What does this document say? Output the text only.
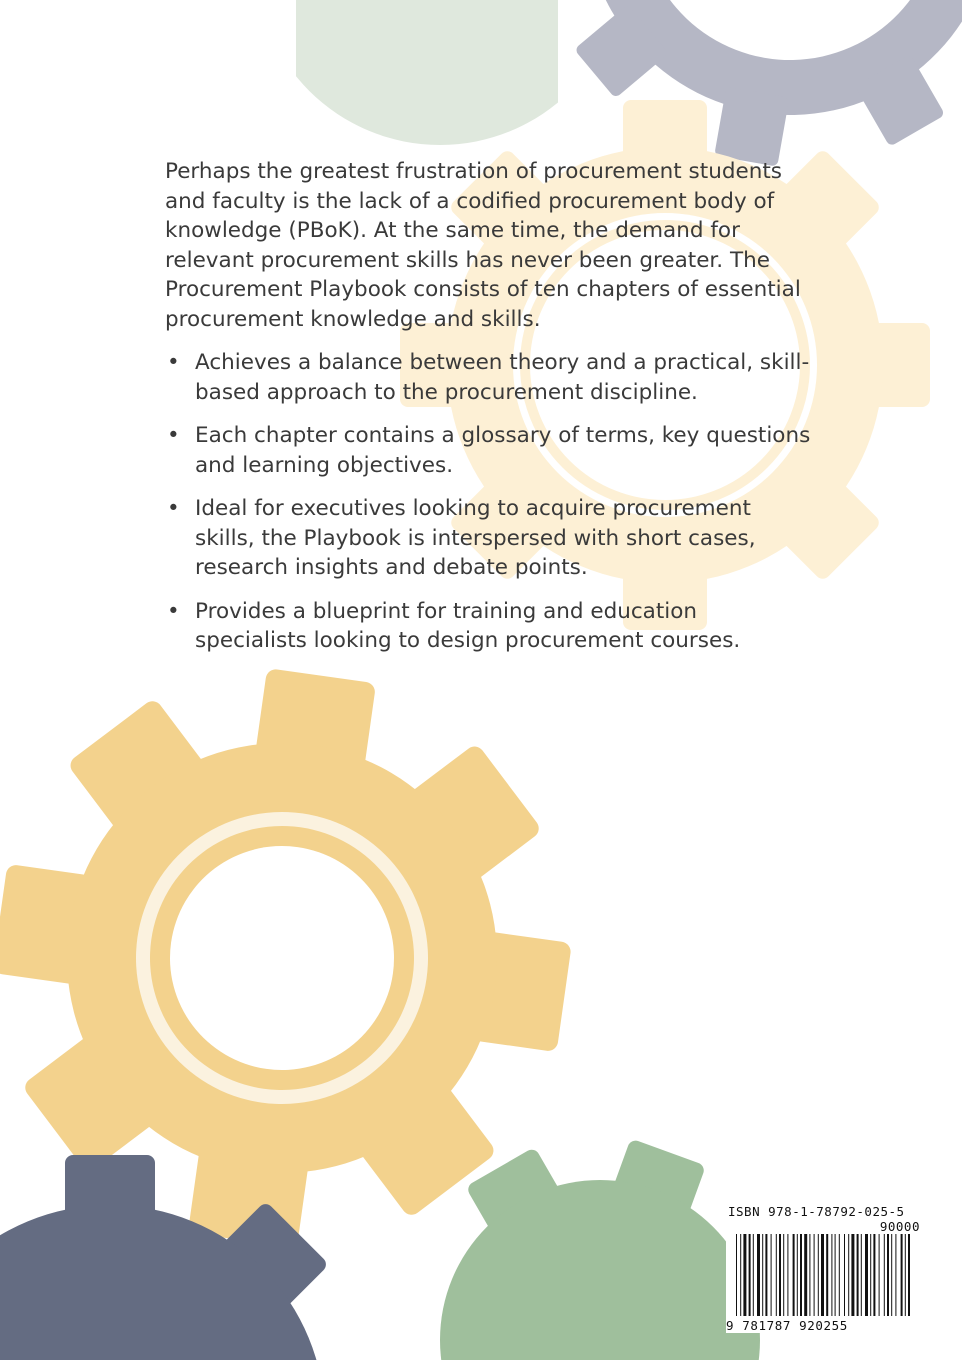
Perhaps the greatest frustration of procurement students and faculty is the lack of a codified procurement body of knowledge (PBoK). At the same time, the demand for relevant procurement skills has never been greater. The Procurement Playbook consists of ten chapters of essential procurement knowledge and skills.

• Achieves a balance between theory and a practical, skill-based approach to the procurement discipline.
• Each chapter contains a glossary of terms, key questions and learning objectives.
• Ideal for executives looking to acquire procurement skills, the Playbook is interspersed with short cases, research insights and debate points.
• Provides a blueprint for training and education specialists looking to design procurement courses.
ISBN 978-1-78792-025-5
90000
9 781787 920255
